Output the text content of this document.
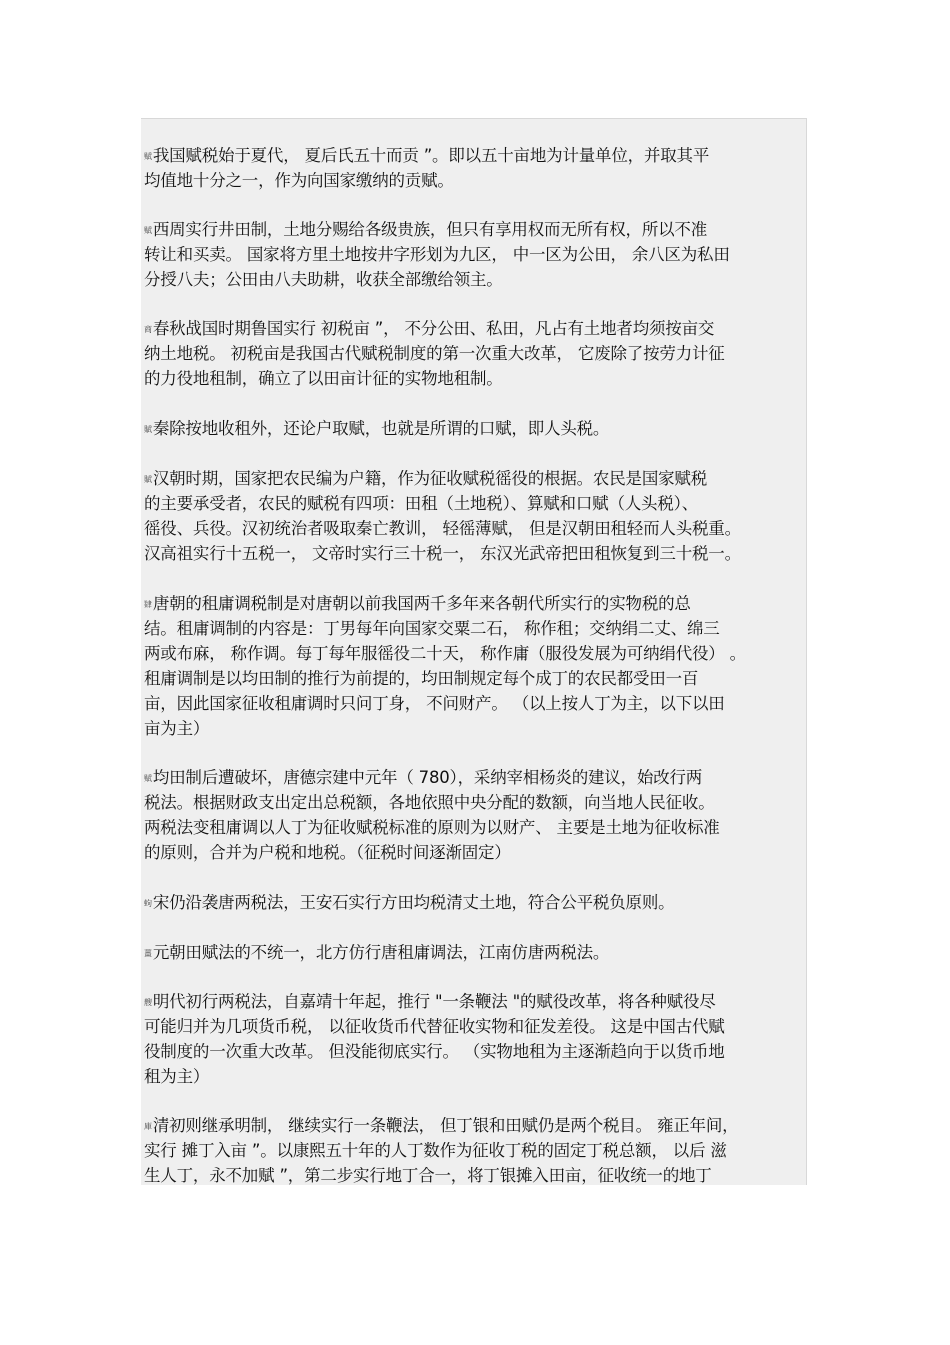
赋我国赋税始于夏代， 夏后氏五十而贡 ”。即以五十亩地为计量单位，并取其平
均值地十分之一，作为向国家缴纳的贡赋。

赋西周实行井田制，土地分赐给各级贵族，但只有享用权而无所有权，所以不准
转让和买卖。 国家将方里土地按井字形划为九区， 中一区为公田， 余八区为私田
分授八夫；公田由八夫助耕，收获全部缴给领主。

商春秋战国时期鲁国实行 初税亩 ”， 不分公田、私田，凡占有土地者均须按亩交
纳土地税。 初税亩是我国古代赋税制度的第一次重大改革， 它废除了按劳力计征
的力役地租制，确立了以田亩计征的实物地租制。

賦秦除按地收租外，还论户取赋，也就是所谓的口赋，即人头税。

賦汉朝时期，国家把农民编为户籍，作为征收赋税徭役的根据。农民是国家赋税
的主要承受者，农民的赋税有四项：田租（土地税）、算赋和口赋（人头税）、
徭役、兵役。汉初统治者吸取秦亡教训， 轻徭薄赋， 但是汉朝田租轻而人头税重。
汉高祖实行十五税一， 文帝时实行三十税一， 东汉光武帝把田租恢复到三十税一。

肄唐朝的租庸调税制是对唐朝以前我国两千多年来各朝代所实行的实物税的总
结。租庸调制的内容是：丁男每年向国家交粟二石， 称作租；交纳绢二丈、绵三
两或布麻， 称作调。每丁每年服徭役二十天， 称作庸（服役发展为可纳绢代役） 。
租庸调制是以均田制的推行为前提的，均田制规定每个成丁的农民都受田一百
亩，因此国家征收租庸调时只问丁身， 不问财产。 （以上按人丁为主，以下以田
亩为主）

赋均田制后遭破坏，唐德宗建中元年（ 780），采纳宰相杨炎的建议，始改行两
税法。根据财政支出定出总税额，各地依照中央分配的数额，向当地人民征收。
两税法变租庸调以人丁为征收赋税标准的原则为以财产、 主要是土地为征收标准
的原则，合并为户税和地税。（征税时间逐渐固定）

蚼宋仍沿袭唐两税法，王安石实行方田均税清丈土地，符合公平税负原则。

薑元朝田赋法的不统一，北方仿行唐租庸调法，江南仿唐两税法。

艘明代初行两税法，自嘉靖十年起，推行 "一条鞭法 "的赋役改革，将各种赋役尽
可能归并为几项货币税， 以征收货币代替征收实物和征发差役。 这是中国古代赋
役制度的一次重大改革。 但没能彻底实行。 （实物地租为主逐渐趋向于以货币地
租为主）

庫清初则继承明制， 继续实行一条鞭法， 但丁银和田赋仍是两个税目。 雍正年间，
实行 摊丁入亩 ”。以康熙五十年的人丁数作为征收丁税的固定丁税总额， 以后 滋
生人丁，永不加赋 ”，第二步实行地丁合一，将丁银摊入田亩，征收统一的地丁
